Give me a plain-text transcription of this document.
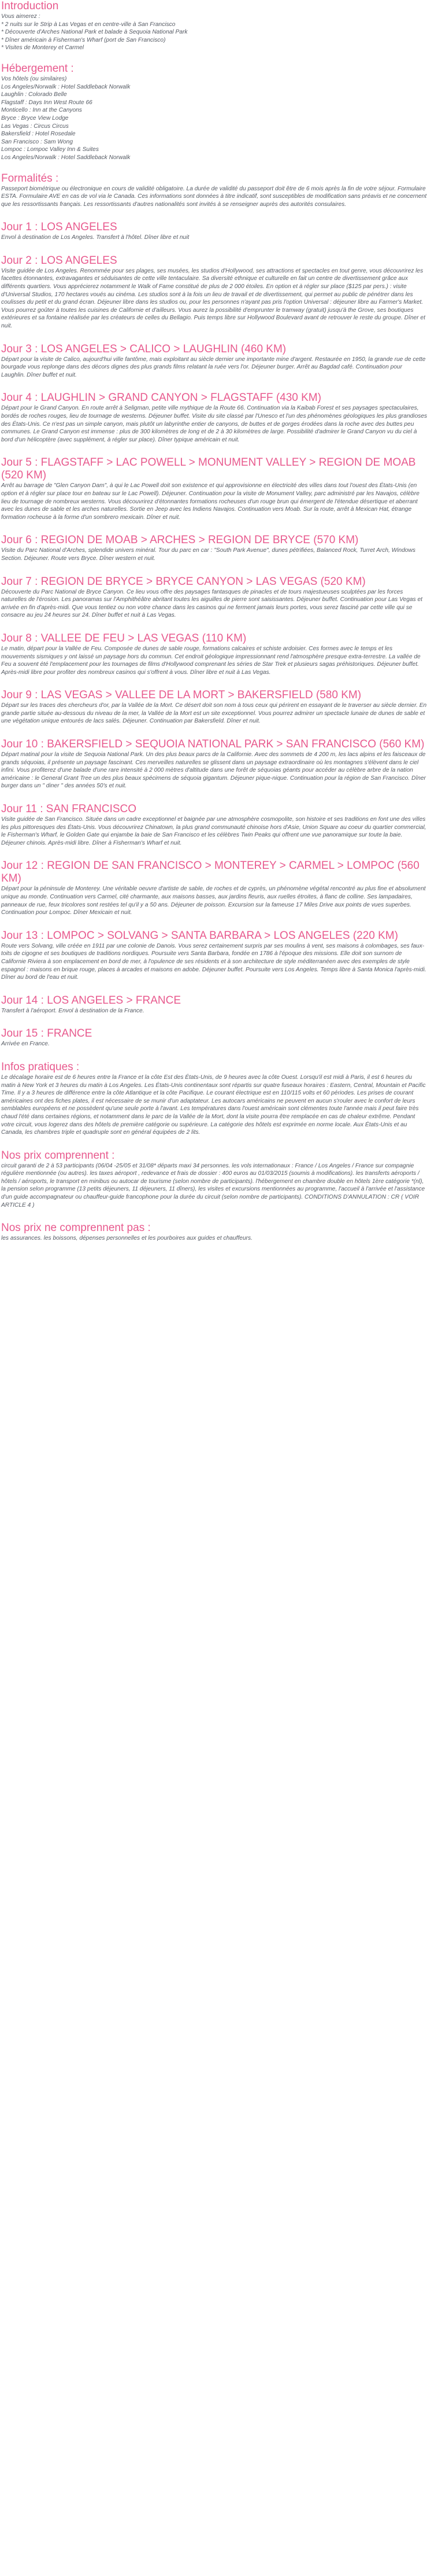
Introduction

Vous aimerez :
* 2 nuits sur le Strip à Las Vegas et en centre-ville à San Francisco
* Découverte d'Arches National Park et balade à Sequoia National Park
* Dîner américain à Fisherman's Wharf (port de San Francisco)
* Visites de Monterey et Carmel

Hébergement :

Vos hôtels (ou similaires)
Los Angeles/Norwalk : Hotel Saddleback Norwalk
Laughlin : Colorado Belle
Flagstaff : Days Inn West Route 66
Monticello : Inn at the Canyons
Bryce : Bryce View Lodge
Las Vegas : Circus Circus
Bakersfield : Hotel Rosedale
San Francisco : Sam Wong
Lompoc : Lompoc Valley Inn & Suites
Los Angeles/Norwalk : Hotel Saddleback Norwalk

Formalités :

Passeport biométrique ou électronique en cours de validité obligatoire. La durée de validité du passeport doit être de 6 mois après la fin de votre séjour. Formulaire ESTA. Formulaire AVE en cas de vol via le Canada. Ces informations sont données à titre indicatif, sont susceptibles de modification sans préavis et ne concernent que les ressortissants français. Les ressortissants d'autres nationalités sont invités à se renseigner auprès des autorités consulaires.

Jour 1 : LOS ANGELES

Envol à destination de Los Angeles. Transfert à l'hôtel. Dîner libre et nuit

Jour 2 : LOS ANGELES

Visite guidée de Los Angeles. Renommée pour ses plages, ses musées, les studios d'Hollywood, ses attractions et spectacles en tout genre, vous découvrirez les facettes étonnantes, extravagantes et séduisantes de cette ville tentaculaire. Sa diversité ethnique et culturelle en fait un centre de divertissement grâce aux différents quartiers. Vous apprécierez notamment le Walk of Fame constitué de plus de 2 000 étoiles. En option et à régler sur place ($125 par pers.) : visite d'Universal Studios, 170 hectares voués au cinéma. Les studios sont à la fois un lieu de travail et de divertissement, qui permet au public de pénétrer dans les coulisses du petit et du grand écran. Déjeuner libre dans les studios ou, pour les personnes n'ayant pas pris l'option Universal : déjeuner libre au Farmer's Market. Vous pourrez goûter à toutes les cuisines de Californie et d'ailleurs. Vous aurez la possibilité d'emprunter le tramway (gratuit) jusqu'à the Grove, ses boutiques extérieures et sa fontaine réalisée par les créateurs de celles du Bellagio. Puis temps libre sur Hollywood Boulevard avant de retrouver le reste du groupe. Dîner et nuit.

Jour 3 : LOS ANGELES > CALICO > LAUGHLIN (460 KM)

Départ pour la visite de Calico, aujourd'hui ville fantôme, mais exploitant au siècle dernier une importante mine d'argent. Restaurée en 1950, la grande rue de cette bourgade vous replonge dans des décors dignes des plus grands films relatant la ruée vers l'or. Déjeuner burger. Arrêt au Bagdad café. Continuation pour Laughlin. Dîner buffet et nuit.

Jour 4 : LAUGHLIN > GRAND CANYON > FLAGSTAFF (430 KM)

Départ pour le Grand Canyon. En route arrêt à Seligman, petite ville mythique de la Route 66. Continuation via la Kaibab Forest et ses paysages spectaculaires, bordés de roches rouges, lieu de tournage de westerns. Déjeuner buffet. Visite du site classé par l'Unesco et l'un des phénomènes géologiques les plus grandioses des États-Unis. Ce n'est pas un simple canyon, mais plutôt un labyrinthe entier de canyons, de buttes et de gorges érodées dans la roche avec des buttes peu communes. Le Grand Canyon est immense : plus de 300 kilomètres de long et de 2 à 30 kilomètres de large. Possibilité d'admirer le Grand Canyon vu du ciel à bord d'un hélicoptère (avec supplément, à régler sur place). Dîner typique américain et nuit.

Jour 5 : FLAGSTAFF > LAC POWELL > MONUMENT VALLEY > REGION DE MOAB (520 KM)

Arrêt au barrage de "Glen Canyon Dam", à qui le Lac Powell doit son existence et qui approvisionne en électricité des villes dans tout l'ouest des États-Unis (en option et à régler sur place tour en bateau sur le Lac Powell). Déjeuner. Continuation pour la visite de Monument Valley, parc administré par les Navajos, célèbre lieu de tournage de nombreux westerns. Vous découvrirez d'étonnantes formations rocheuses d'un rouge brun qui émergent de l'étendue désertique et aberrant avec les dunes de sable et les arches naturelles. Sortie en Jeep avec les Indiens Navajos. Continuation vers Moab. Sur la route, arrêt à Mexican Hat, étrange formation rocheuse à la forme d'un sombrero mexicain. Dîner et nuit.

Jour 6 : REGION DE MOAB > ARCHES > REGION DE BRYCE (570 KM)

Visite du Parc National d'Arches, splendide univers minéral. Tour du parc en car : "South Park Avenue", dunes pétrifiées, Balanced Rock, Turret Arch, Windows Section. Déjeuner. Route vers Bryce. Dîner western et nuit.

Jour 7 : REGION DE BRYCE > BRYCE CANYON > LAS VEGAS (520 KM)

Découverte du Parc National de Bryce Canyon. Ce lieu vous offre des paysages fantasques de pinacles et de tours majestueuses sculptées par les forces naturelles de l'érosion. Les panoramas sur l'Amphithéâtre abritant toutes les aiguilles de pierre sont saisissantes. Déjeuner buffet. Continuation pour Las Vegas et arrivée en fin d'après-midi. Que vous tentiez ou non votre chance dans les casinos qui ne ferment jamais leurs portes, vous serez fasciné par cette ville qui se consacre au jeu 24 heures sur 24. Dîner buffet et nuit à Las Vegas.

Jour 8 : VALLEE DE FEU > LAS VEGAS (110 KM)

Le matin, départ pour la Vallée de Feu. Composée de dunes de sable rouge, formations calcaires et schiste ardoisier. Ces formes avec le temps et les mouvements sismiques y ont laissé un paysage hors du commun. Cet endroit géologique impressionnant rend l'atmosphère presque extra-terrestre. La vallée de Feu a souvent été l'emplacement pour les tournages de films d'Hollywood comprenant les séries de Star Trek et plusieurs sagas préhistoriques. Déjeuner buffet. Après-midi libre pour profiter des nombreux casinos qui s'offrent à vous. Dîner libre et nuit à Las Vegas.

Jour 9 : LAS VEGAS > VALLEE DE LA MORT > BAKERSFIELD (580 KM)

Départ sur les traces des chercheurs d'or, par la Vallée de la Mort. Ce désert doit son nom à tous ceux qui périrent en essayant de le traverser au siècle dernier. En grande partie située au-dessous du niveau de la mer, la Vallée de la Mort est un site exceptionnel. Vous pourrez admirer un spectacle lunaire de dunes de sable et une végétation unique entourés de lacs salés. Déjeuner. Continuation par Bakersfield. Dîner et nuit.

Jour 10 : BAKERSFIELD > SEQUOIA NATIONAL PARK > SAN FRANCISCO (560 KM)

Départ matinal pour la visite de Sequoia National Park. Un des plus beaux parcs de la Californie. Avec des sommets de 4 200 m, les lacs alpins et les faisceaux de grands séquoias, il présente un paysage fascinant. Ces merveilles naturelles se glissent dans un paysage extraordinaire où les montagnes s'élèvent dans le ciel infini. Vous profiterez d'une balade d'une rare intensité à 2 000 mètres d'altitude dans une forêt de séquoias géants pour accéder au célèbre arbre de la nation américaine : le General Grant Tree un des plus beaux spécimens de séquoia gigantum. Déjeuner pique-nique. Continuation pour la région de San Francisco. Dîner burger dans un " diner " des années 50's et nuit.

Jour 11 : SAN FRANCISCO

Visite guidée de San Francisco. Située dans un cadre exceptionnel et baignée par une atmosphère cosmopolite, son histoire et ses traditions en font une des villes les plus pittoresques des États-Unis. Vous découvrirez Chinatown, la plus grand communauté chinoise hors d'Asie, Union Square au coeur du quartier commercial, le Fisherman's Wharf, le Golden Gate qui enjambe la baie de San Francisco et les célèbres Twin Peaks qui offrent une vue panoramique sur toute la baie. Déjeuner chinois. Après-midi libre. Dîner à Fisherman's Wharf et nuit.

Jour 12 : REGION DE SAN FRANCISCO > MONTEREY > CARMEL > LOMPOC (560 KM)

Départ pour la péninsule de Monterey. Une véritable oeuvre d'artiste de sable, de roches et de cyprès, un phénomène végétal rencontré au plus fine et absolument unique au monde. Continuation vers Carmel, cité charmante, aux maisons basses, aux jardins fleuris, aux ruelles étroites, à flanc de colline. Ses lampadaires, panneaux de rue, feux tricolores sont restées tel qu'il y a 50 ans. Déjeuner de poisson. Excursion sur la fameuse 17 Miles Drive aux points de vues superbes. Continuation pour Lompoc. Dîner Mexicain et nuit.

Jour 13 : LOMPOC > SOLVANG > SANTA BARBARA > LOS ANGELES (220 KM)

Route vers Solvang, ville créée en 1911 par une colonie de Danois. Vous serez certainement surpris par ses moulins à vent, ses maisons à colombages, ses faux-toits de cigogne et ses boutiques de traditions nordiques. Poursuite vers Santa Barbara, fondée en 1786 à l'époque des missions. Elle doit son surnom de Californie Riviera à son emplacement en bord de mer, à l'opulence de ses résidents et à son architecture de style méditerranéen avec des exemples de style espagnol : maisons en brique rouge, places à arcades et maisons en adobe. Déjeuner buffet. Poursuite vers Los Angeles. Temps libre à Santa Monica l'après-midi. Dîner au bord de l'eau et nuit.

Jour 14 : LOS ANGELES > FRANCE

Transfert à l'aéroport. Envol à destination de la France.

Jour 15 : FRANCE

Arrivée en France.

Infos pratiques :

Le décalage horaire est de 6 heures entre la France et la côte Est des États-Unis, de 9 heures avec la côte Ouest. Lorsqu'il est midi à Paris, il est 6 heures du matin à New York et 3 heures du matin à Los Angeles. Les États-Unis continentaux sont répartis sur quatre fuseaux horaires : Eastern, Central, Mountain et Pacific Time. Il y a 3 heures de différence entre la côte Atlantique et la côte Pacifique. Le courant électrique est en 110/115 volts et 60 périodes. Les prises de courant américaines ont des fiches plates, il est nécessaire de se munir d'un adaptateur. Les autocars américains ne peuvent en aucun s'rouler avec le confort de leurs semblables européens et ne possèdent qu'une seule porte à l'avant. Les températures dans l'ouest américain sont clémentes toute l'année mais il peut faire très chaud l'été dans certaines régions, et notamment dans le parc de la Vallée de la Mort, dont la visite pourra être remplacée en cas de chaleur extrême. Pendant votre circuit, vous logerez dans des hôtels de première catégorie ou supérieure. La catégorie des hôtels est exprimée en norme locale. Aux États-Unis et au Canada, les chambres triple et quadruple sont en général équipées de 2 lits.

Nos prix comprennent :

circuit garanti de 2 à 53 participants (06/04 -25/05 et 31/08* départs maxi 34 personnes. les vols internationaux : France / Los Angeles / France sur compagnie régulière mentionnée (ou autres). les taxes aéroport , redevance et frais de dossier : 400 euros au 01/03/2015 (soumis à modifications). les transferts aéroports / hôtels / aéroports, le transport en minibus ou autocar de tourisme (selon nombre de participants). l'hébergement en chambre double en hôtels 1ère catégorie *(nl), la pension selon programme (13 petits déjeuners, 11 déjeuners, 11 dîners), les visites et excursions mentionnées au programme, l'accueil à l'arrivée et l'assistance d'un guide accompagnateur ou chauffeur-guide francophone pour la durée du circuit (selon nombre de participants). CONDITIONS D'ANNULATION : CR ( VOIR ARTICLE 4 )

Nos prix ne comprennent pas :

les assurances. les boissons, dépenses personnelles et les pourboires aux guides et chauffeurs.
